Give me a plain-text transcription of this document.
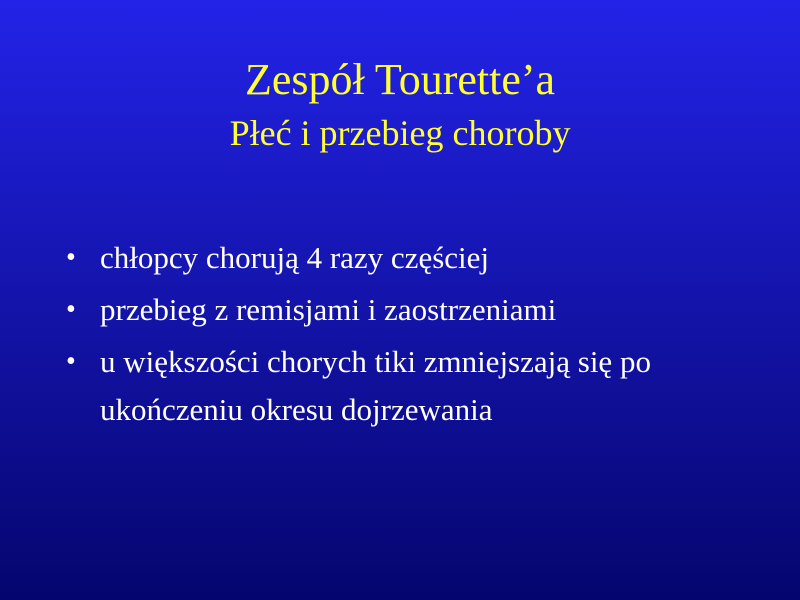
Zespół Tourette’a
Płeć i przebieg choroby
• chłopcy chorują 4 razy częściej
• przebieg z remisjami i zaostrzeniami
• u większości chorych tiki zmniejszają się po ukończeniu okresu dojrzewania
